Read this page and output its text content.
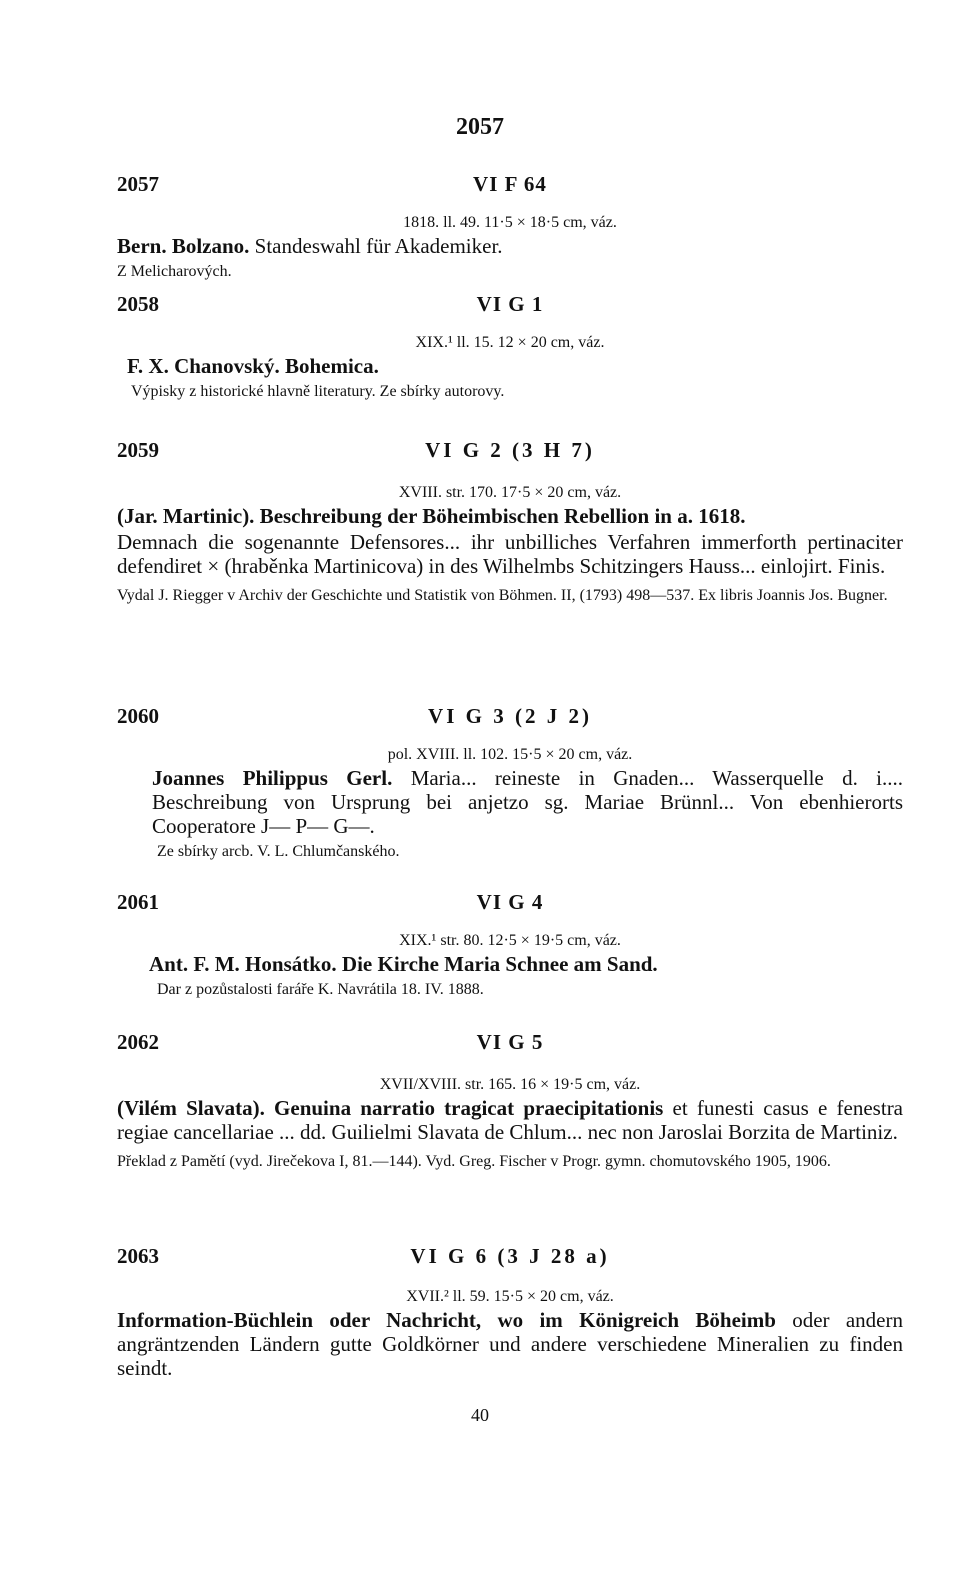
2057
2057	VI F 64
1818. ll. 49. 11·5 × 18·5 cm, váz.
Bern. Bolzano. Standeswahl für Akademiker.
Z Melicharových.
2058	VI G 1
XIX.¹ ll. 15. 12 × 20 cm, váz.
F. X. Chanovský. Bohemica.
Výpisky z historické hlavně literatury. Ze sbírky autorovy.
2059	VI G 2 (3 H 7)
XVIII. str. 170. 17·5 × 20 cm, váz.
(Jar. Martinic). Beschreibung der Böheimbischen Rebellion in a. 1618.
Demnach die sogenannte Defensores... ihr unbilliches Verfahren immerforth pertinaciter defendiret × (hraběnka Martinicova) in des Wilhelmbs Schitzingers Hauss... einlojirt. Finis.
Vydal J. Riegger v Archiv der Geschichte und Statistik von Böhmen. II, (1793) 498—537. Ex libris Joannis Jos. Bugner.
2060	VI G 3 (2 J 2)
pol. XVIII. ll. 102. 15·5 × 20 cm, váz.
Joannes Philippus Gerl. Maria... reineste in Gnaden... Wasserquelle d. i.... Beschreibung von Ursprung bei anjetzo sg. Mariae Brünnl... Von ebenhierorts Cooperatore J— P— G—.
Ze sbírky arcb. V. L. Chlumčanského.
2061	VI G 4
XIX.¹ str. 80. 12·5 × 19·5 cm, váz.
Ant. F. M. Honsátko. Die Kirche Maria Schnee am Sand.
Dar z pozůstalosti faráře K. Navrátila 18. IV. 1888.
2062	VI G 5
XVII/XVIII. str. 165. 16 × 19·5 cm, váz.
(Vilém Slavata). Genuina narratio tragicat praecipitationis et funesti casus e fenestra regiae cancellariae ... dd. Guilielmi Slavata de Chlum... nec non Jaroslai Borzita de Martiniz.
Překlad z Pamětí (vyd. Jirečekova I, 81.—144). Vyd. Greg. Fischer v Progr. gymn. chomutovského 1905, 1906.
2063	VI G 6 (3 J 28 a)
XVII.² ll. 59. 15·5 × 20 cm, váz.
Information-Büchlein oder Nachricht, wo im Königreich Böheimb oder andern angräntzenden Ländern gutte Goldkörner und andere verschiedene Mineralien zu finden seindt.
40
